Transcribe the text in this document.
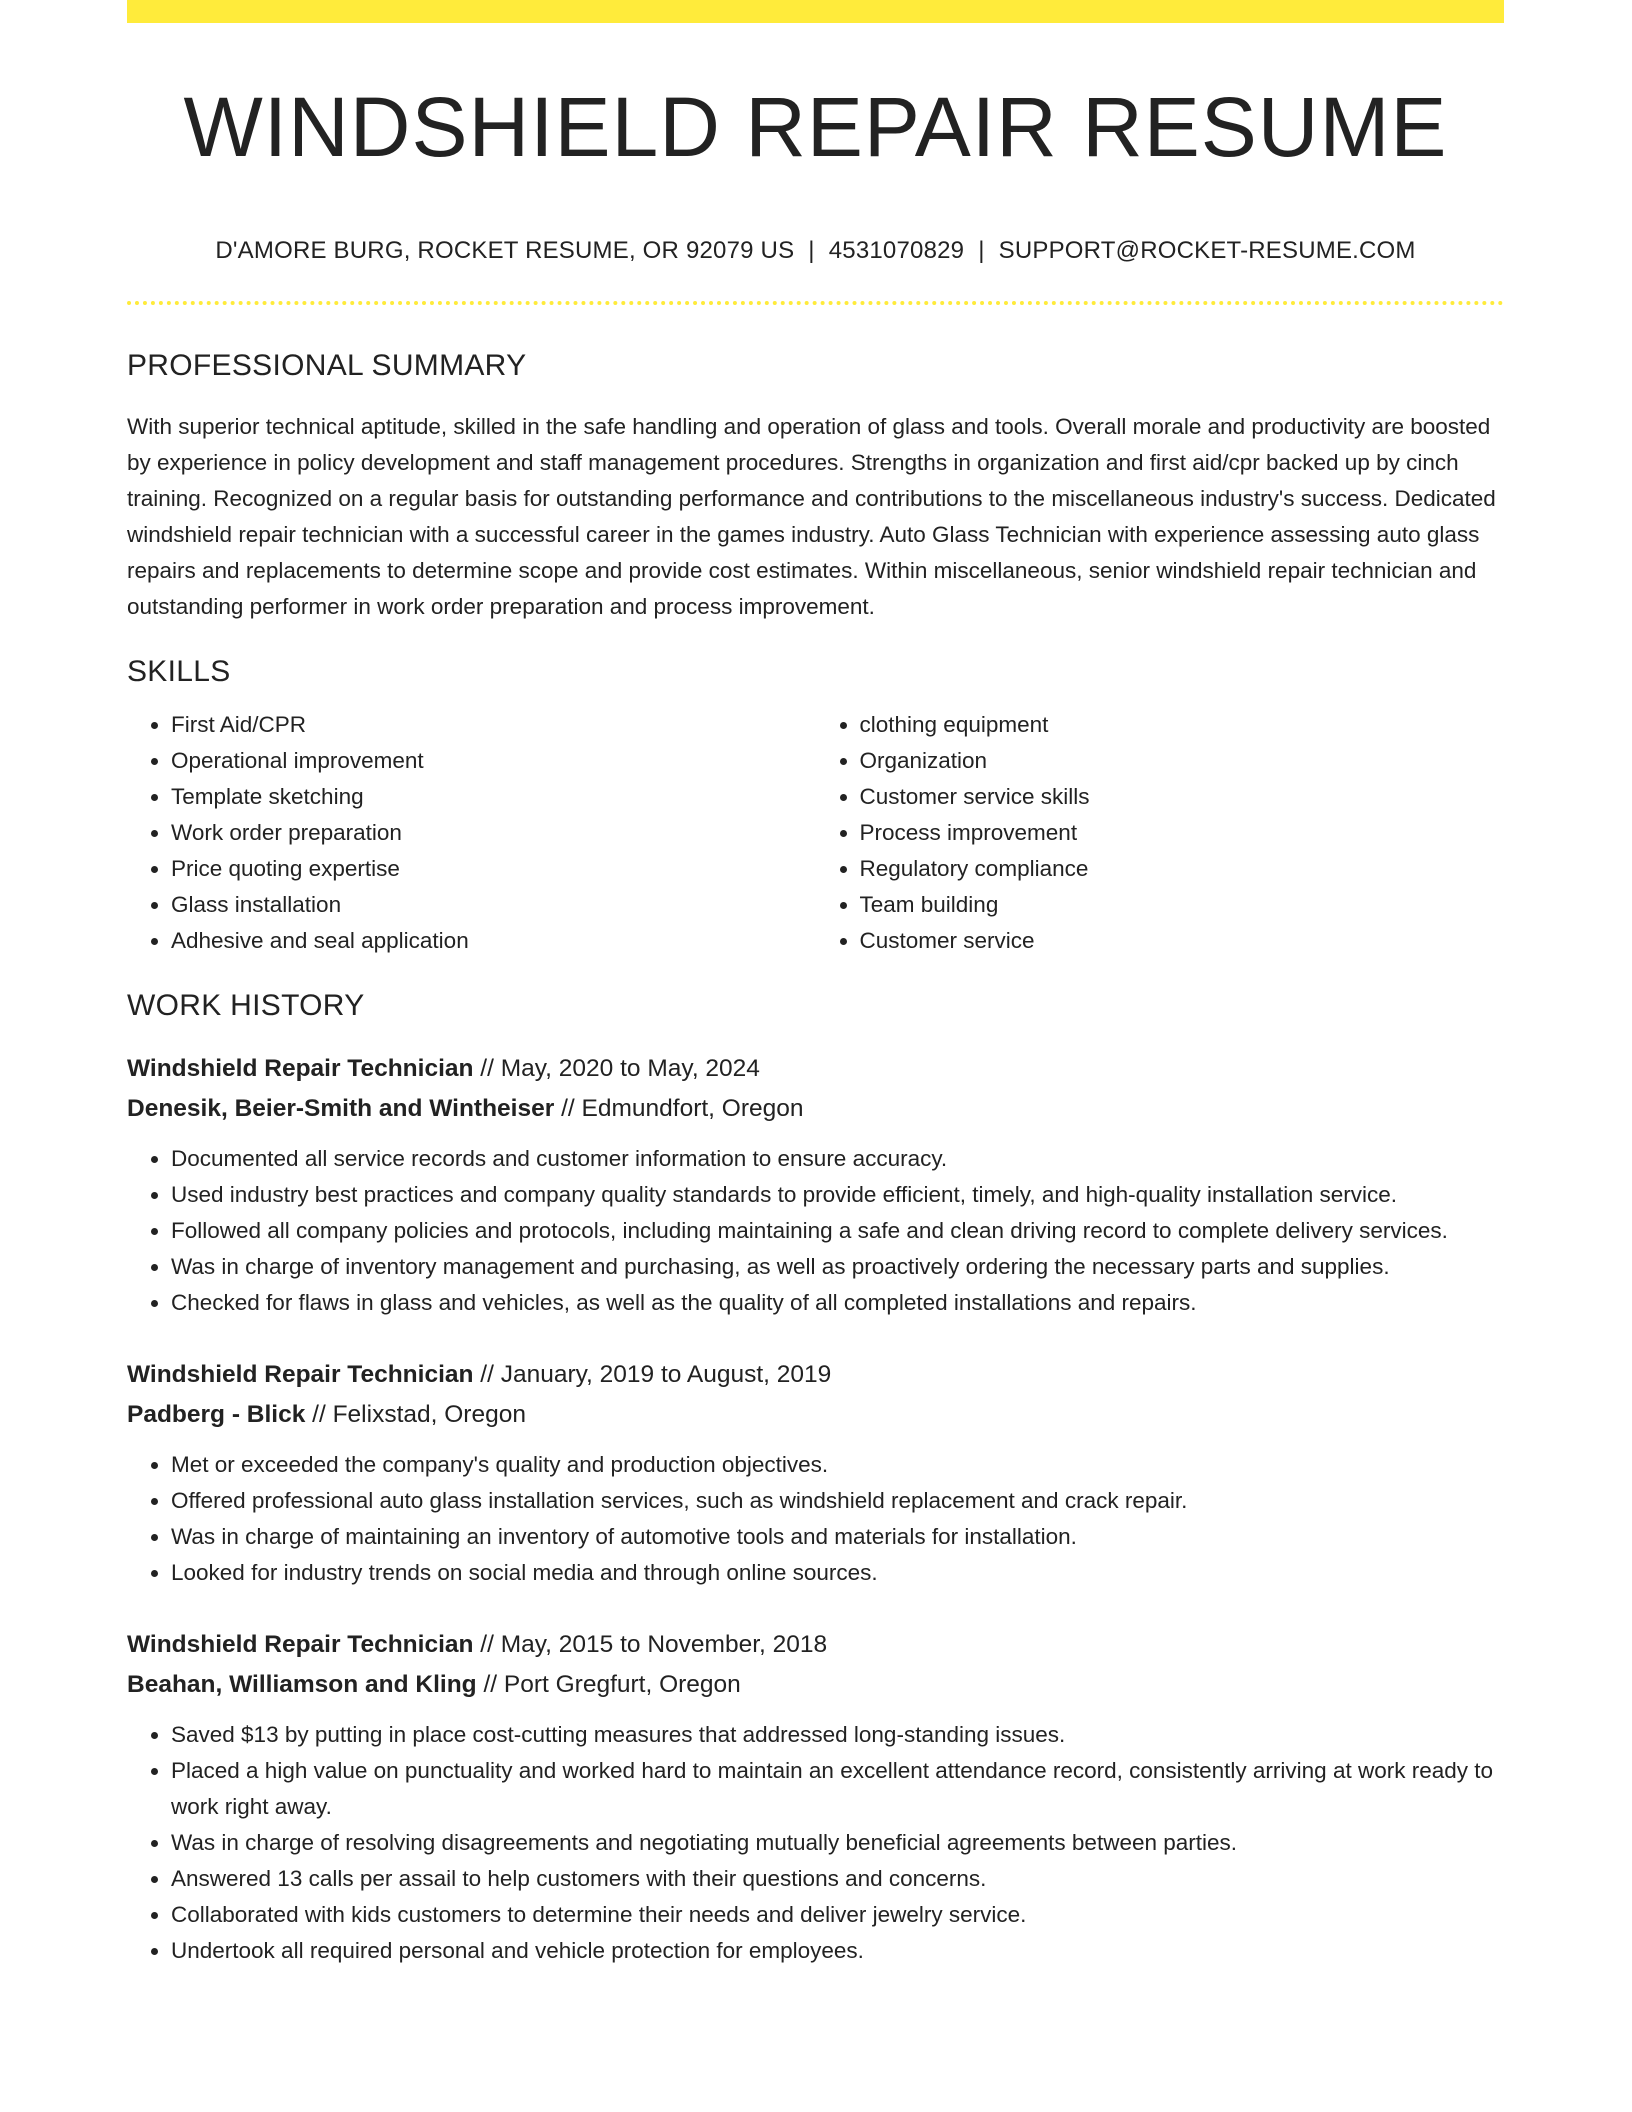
WINDSHIELD REPAIR RESUME
D'AMORE BURG, ROCKET RESUME, OR 92079 US | 4531070829 | SUPPORT@ROCKET-RESUME.COM
PROFESSIONAL SUMMARY

With superior technical aptitude, skilled in the safe handling and operation of glass and tools. Overall morale and productivity are boosted by experience in policy development and staff management procedures. Strengths in organization and first aid/cpr backed up by cinch training. Recognized on a regular basis for outstanding performance and contributions to the miscellaneous industry's success. Dedicated windshield repair technician with a successful career in the games industry. Auto Glass Technician with experience assessing auto glass repairs and replacements to determine scope and provide cost estimates. Within miscellaneous, senior windshield repair technician and outstanding performer in work order preparation and process improvement.

SKILLS
• First Aid/CPR
• Operational improvement
• Template sketching
• Work order preparation
• Price quoting expertise
• Glass installation
• Adhesive and seal application
• clothing equipment
• Organization
• Customer service skills
• Process improvement
• Regulatory compliance
• Team building
• Customer service
WORK HISTORY
Windshield Repair Technician // May, 2020 to May, 2024
Denesik, Beier-Smith and Wintheiser // Edmundfort, Oregon
• Documented all service records and customer information to ensure accuracy.
• Used industry best practices and company quality standards to provide efficient, timely, and high-quality installation service.
• Followed all company policies and protocols, including maintaining a safe and clean driving record to complete delivery services.
• Was in charge of inventory management and purchasing, as well as proactively ordering the necessary parts and supplies.
• Checked for flaws in glass and vehicles, as well as the quality of all completed installations and repairs.
Windshield Repair Technician // January, 2019 to August, 2019
Padberg - Blick // Felixstad, Oregon
• Met or exceeded the company's quality and production objectives.
• Offered professional auto glass installation services, such as windshield replacement and crack repair.
• Was in charge of maintaining an inventory of automotive tools and materials for installation.
• Looked for industry trends on social media and through online sources.
Windshield Repair Technician // May, 2015 to November, 2018
Beahan, Williamson and Kling // Port Gregfurt, Oregon
• Saved $13 by putting in place cost-cutting measures that addressed long-standing issues.
• Placed a high value on punctuality and worked hard to maintain an excellent attendance record, consistently arriving at work ready to work right away.
• Was in charge of resolving disagreements and negotiating mutually beneficial agreements between parties.
• Answered 13 calls per assail to help customers with their questions and concerns.
• Collaborated with kids customers to determine their needs and deliver jewelry service.
• Undertook all required personal and vehicle protection for employees.
